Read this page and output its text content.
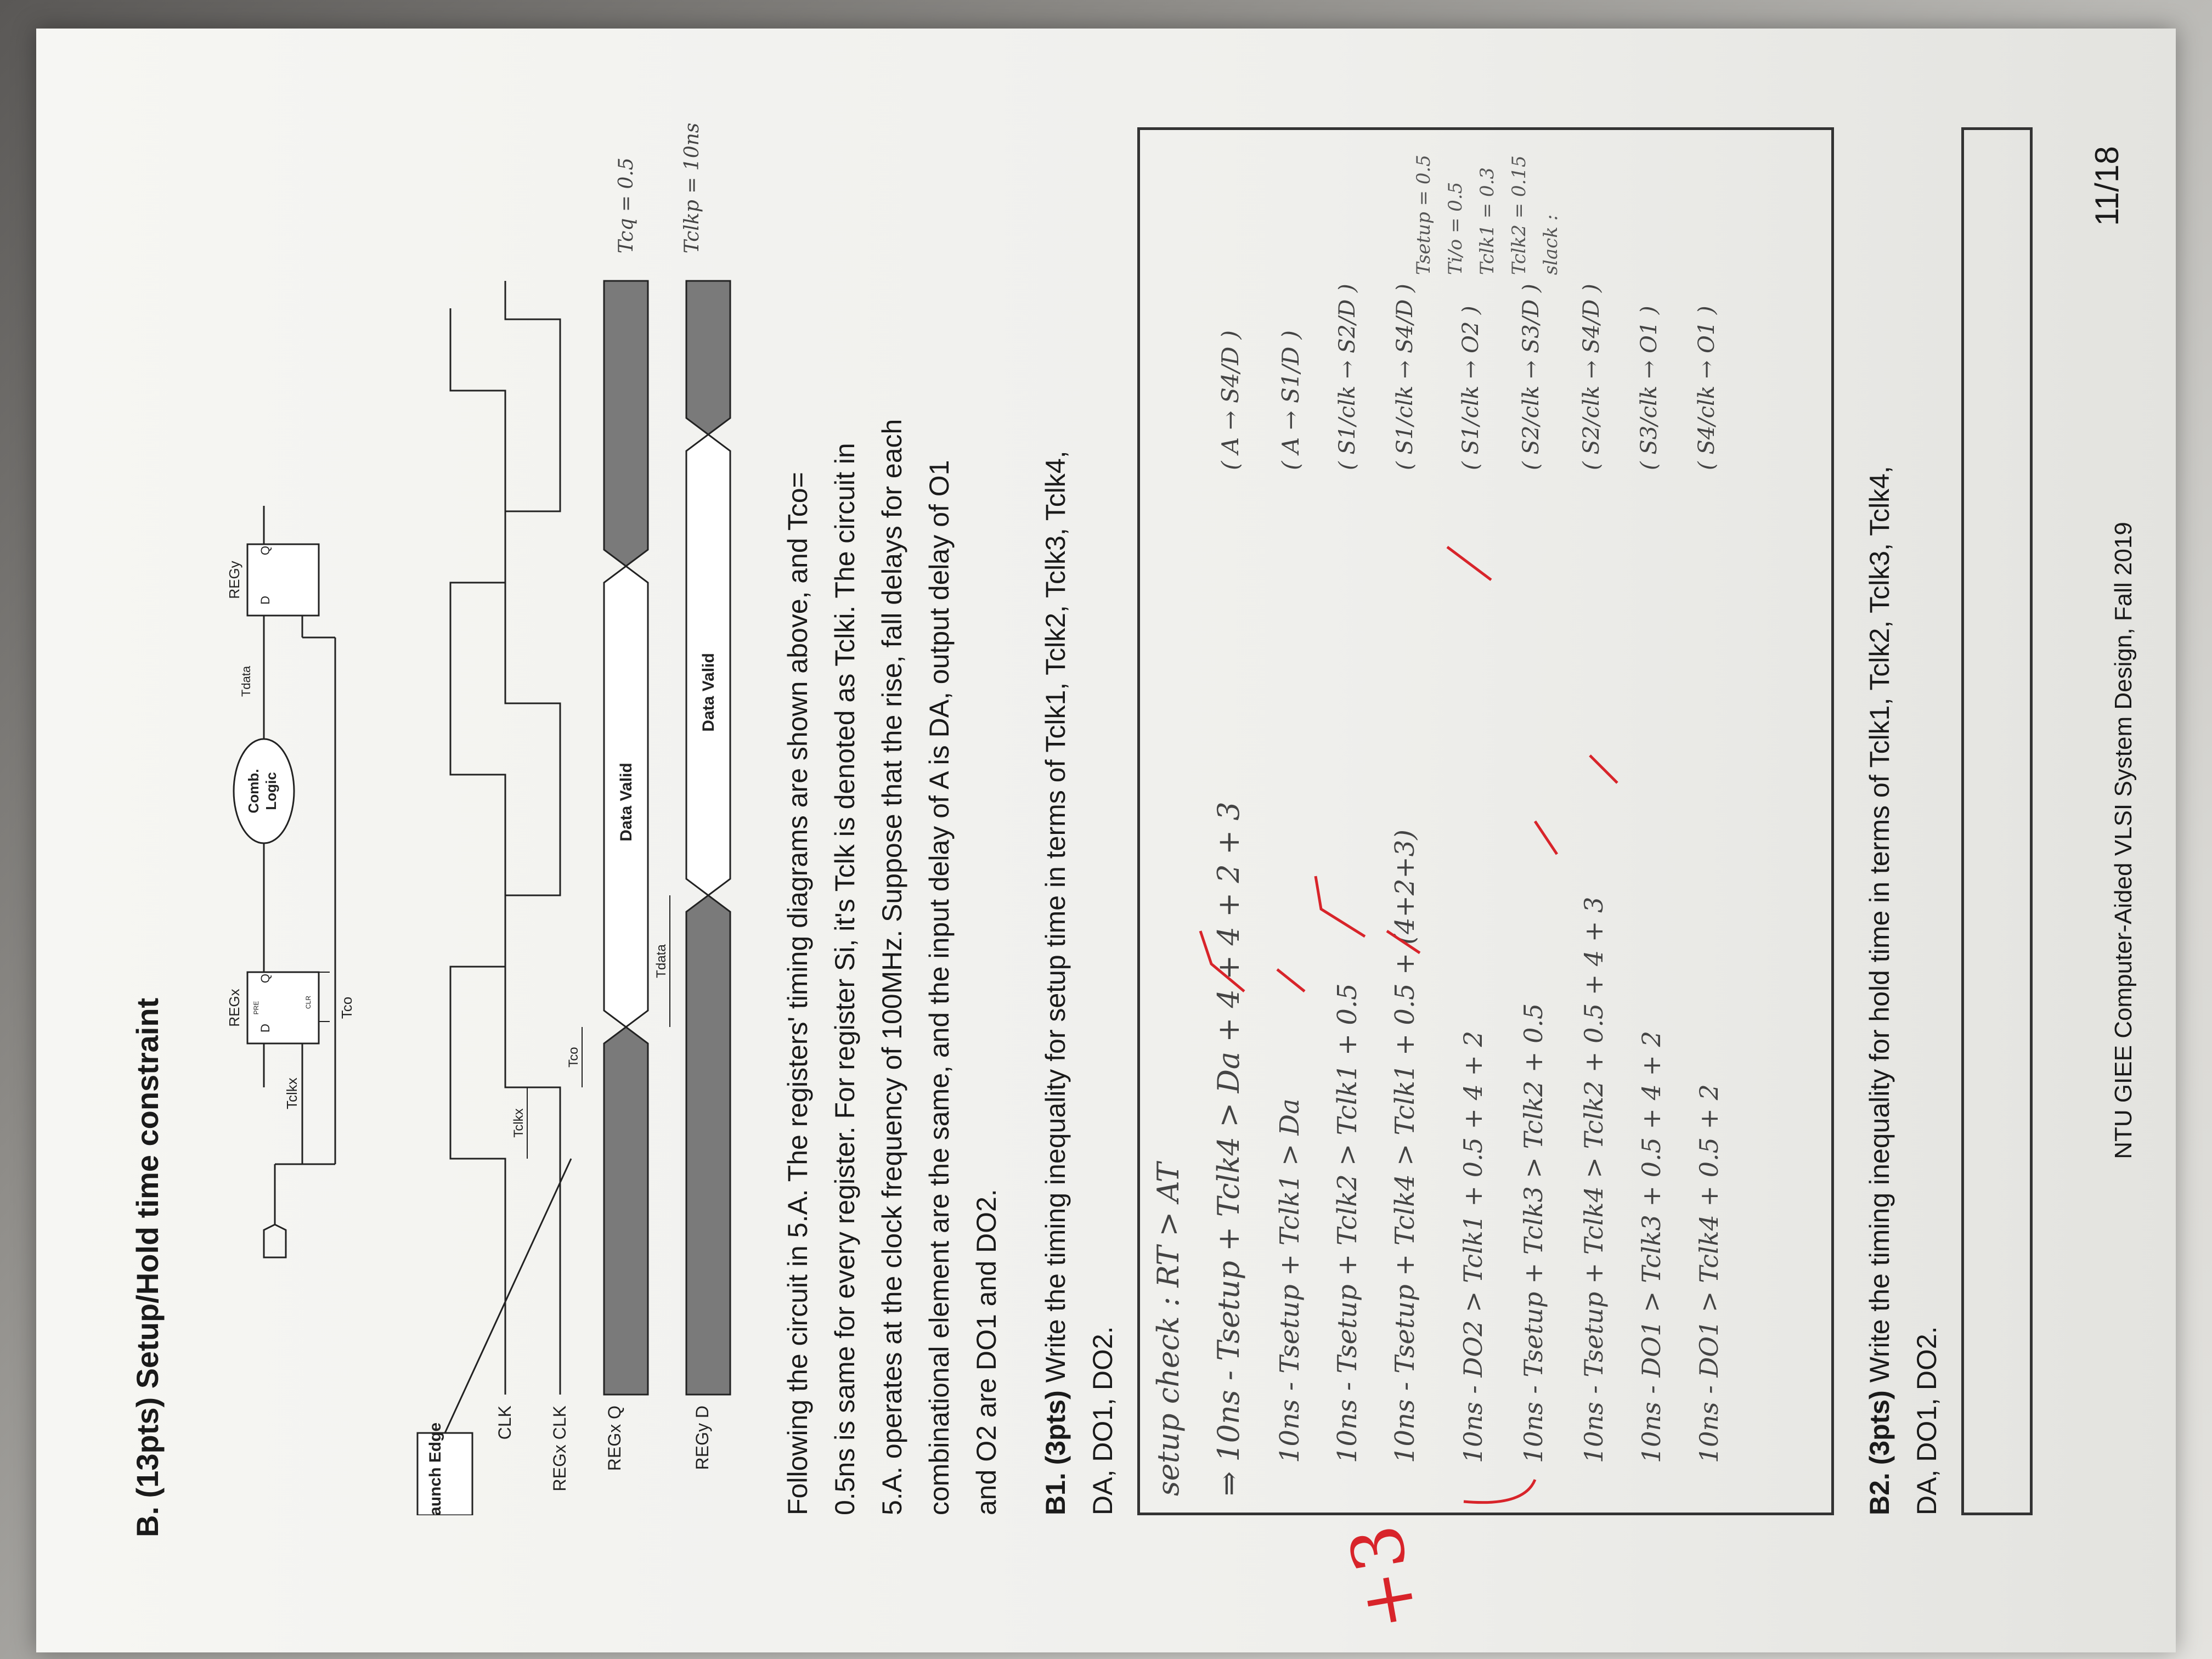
B. (13pts) Setup/Hold time constraint	Launch Edge
Tclkx
REGx
D
Q
PRE	CLR Tco
Comb. Logic
Tdata
REGy
D
Q
CLK REGx CLK REGx Q	REGy D
Tclkx
Data Valid
Tco
Data Valid
Tdata
Tcq = 0.5 Tclkp = 10ns
Following the circuit in 5.A. The registers' timing diagrams are shown above, and Tco= 0.5ns is same for every register. For register Si, it's Tclk is denoted as Tclki. The circuit in 5.A. operates at the clock frequency of 100MHz. Suppose that the rise, fall delays for each combinational element are the same, and the input delay of A is DA, output delay of O1 and O2 are DO1 and DO2.	B1. (3pts) Write the timing inequality for setup time in terms of Tclk1, Tclk2, Tclk3, Tclk4,
DA, DO1, DO2. setup check : RT > AT ⇒ 10ns - Tsetup + Tclk4 > Da + 4 + 4 + 2 + 3
( A → S4/D )
10ns - Tsetup + Tclk1 > Da
( A → S1/D )
10ns - Tsetup + Tclk2 > Tclk1 + 0.5
( S1/clk → S2/D )
10ns - Tsetup + Tclk4 > Tclk1 + 0.5 + (4+2+3)
( S1/clk → S4/D )
10ns - DO2 > Tclk1 + 0.5 + 4 + 2
( S1/clk → O2 )
10ns - Tsetup + Tclk3 > Tclk2 + 0.5
( S2/clk → S3/D )
10ns - Tsetup + Tclk4 > Tclk2 + 0.5 + 4 + 3
( S2/clk → S4/D )
10ns - DO1 > Tclk3 + 0.5 + 4 + 2
( S3/clk → O1 )
10ns - DO1 > Tclk4 + 0.5 + 2
( S4/clk → O1 )
B2. (3pts) Write the timing inequality for hold time in terms of Tclk1, Tclk2, Tclk3, Tclk4,
DA, DO1, DO2.
Tsetup = 0.5 Ti/o = 0.5 Tclk1 = 0.3 Tclk2 = 0.15 slack :
+3
NTU GIEE Computer-Aided VLSI System Design, Fall 2019
11/18
